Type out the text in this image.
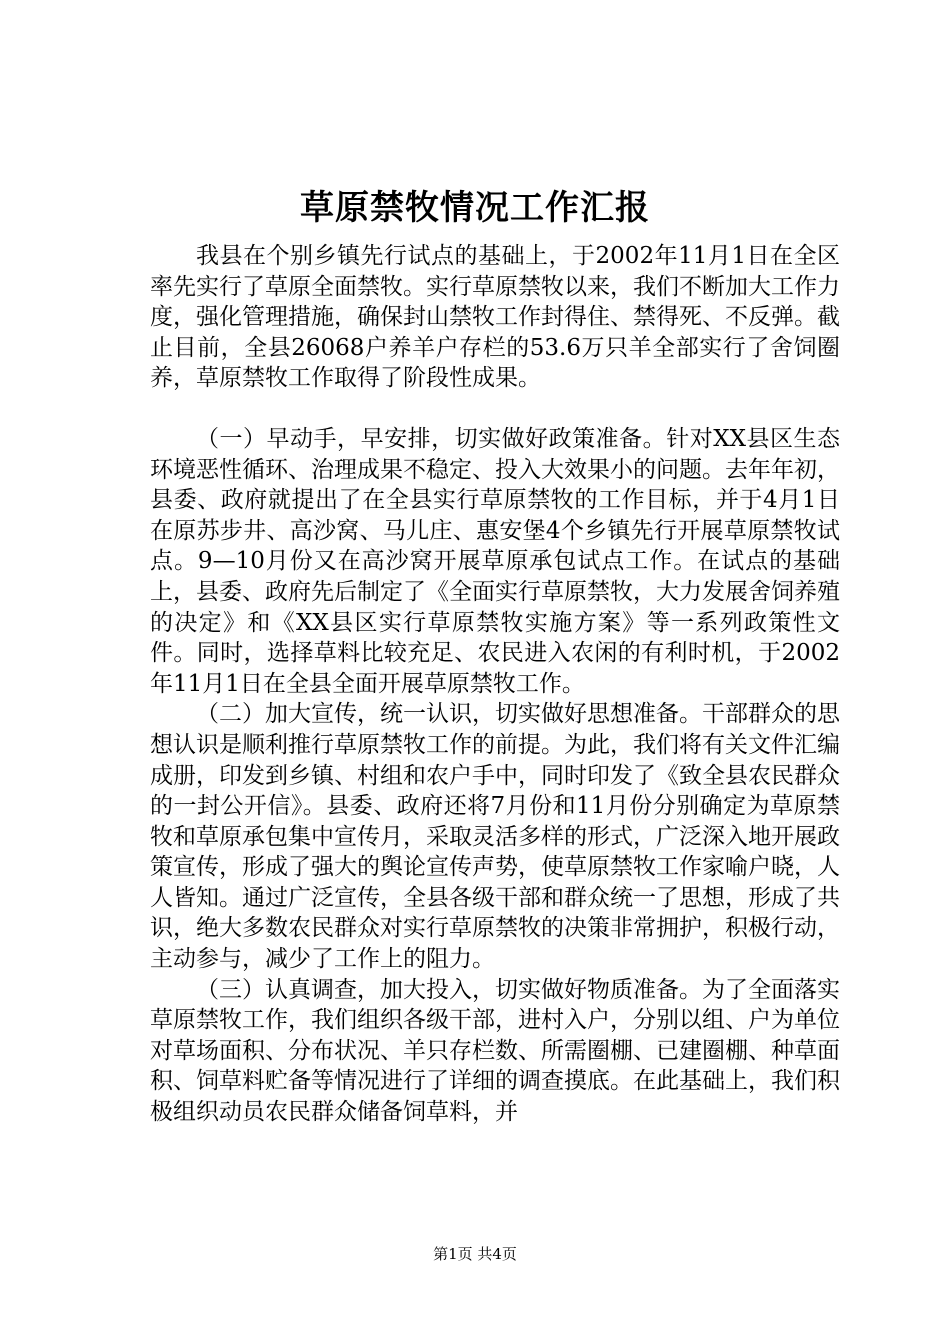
草原禁牧情况工作汇报

我县在个别乡镇先行试点的基础上，于2002年11月1日在全区率先实行了草原全面禁牧。实行草原禁牧以来，我们不断加大工作力度，强化管理措施，确保封山禁牧工作封得住、禁得死、不反弹。截止目前，全县26068户养羊户存栏的53.6万只羊全部实行了舍饲圈养，草原禁牧工作取得了阶段性成果。

（一）早动手，早安排，切实做好政策准备。针对XX县区生态环境恶性循环、治理成果不稳定、投入大效果小的问题。去年年初，县委、政府就提出了在全县实行草原禁牧的工作目标，并于4月1日在原苏步井、高沙窝、马儿庄、惠安堡4个乡镇先行开展草原禁牧试点。9—10月份又在高沙窝开展草原承包试点工作。在试点的基础上，县委、政府先后制定了《全面实行草原禁牧，大力发展舍饲养殖的决定》和《XX县区实行草原禁牧实施方案》等一系列政策性文件。同时，选择草料比较充足、农民进入农闲的有利时机，于2002年11月1日在全县全面开展草原禁牧工作。

（二）加大宣传，统一认识，切实做好思想准备。干部群众的思想认识是顺利推行草原禁牧工作的前提。为此，我们将有关文件汇编成册，印发到乡镇、村组和农户手中，同时印发了《致全县农民群众的一封公开信》。县委、政府还将7月份和11月份分别确定为草原禁牧和草原承包集中宣传月，采取灵活多样的形式，广泛深入地开展政策宣传，形成了强大的舆论宣传声势，使草原禁牧工作家喻户晓，人人皆知。通过广泛宣传，全县各级干部和群众统一了思想，形成了共识，绝大多数农民群众对实行草原禁牧的决策非常拥护，积极行动，主动参与，减少了工作上的阻力。

（三）认真调查，加大投入，切实做好物质准备。为了全面落实草原禁牧工作，我们组织各级干部，进村入户，分别以组、户为单位对草场面积、分布状况、羊只存栏数、所需圈棚、已建圈棚、种草面积、饲草料贮备等情况进行了详细的调查摸底。在此基础上，我们积极组织动员农民群众储备饲草料，并

第1页 共4页
